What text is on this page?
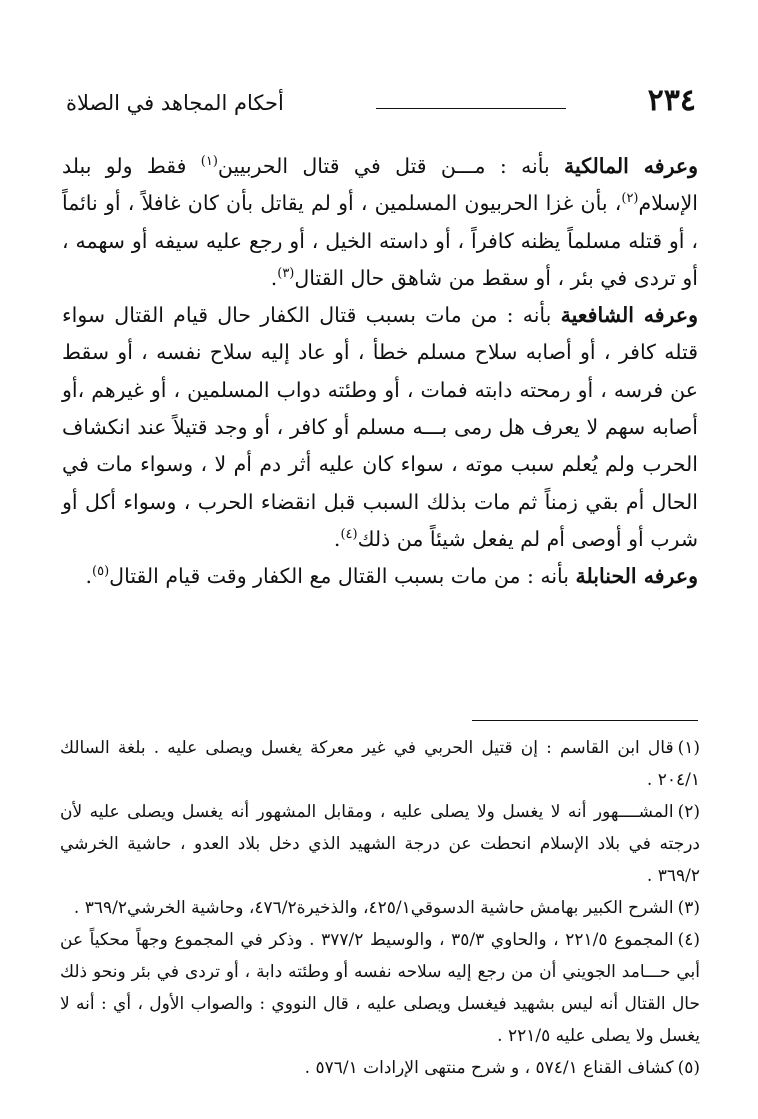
٢٣٤
أحكام المجاهد في الصلاة

وعرفه المالكية بأنه : مـــن قتل في قتال الحربيين$^{(١)}$ فقط ولو ببلد الإسلام$^{(٢)}$، بأن غزا الحربيون المسلمين ، أو لم يقاتل بأن كان غافلاً ، أو نائماً ، أو قتله مسلماً يظنه كافراً ، أو داسته الخيل ، أو رجع عليه سيفه أو سهمه ، أو تردى في بئر ، أو سقط من شاهق حال القتال$^{(٣)}$.

وعرفه الشافعية بأنه : من مات بسبب قتال الكفار حال قيام القتال سواء قتله كافر ، أو أصابه سلاح مسلم خطأ ، أو عاد إليه سلاح نفسه ، أو سقط عن فرسه ، أو رمحته دابته فمات ، أو وطئته دواب المسلمين ، أو غيرهم ،أو أصابه سهم لا يعرف هل رمى بـــه مسلم أو كافر ، أو وجد قتيلاً عند انكشاف الحرب ولم يُعلم سبب موته ، سواء كان عليه أثر دم أم لا ، وسواء مات في الحال أم بقي زمناً ثم مات بذلك السبب قبل انقضاء الحرب ، وسواء أكل أو شرب أو أوصى أم لم يفعل شيئاً من ذلك$^{(٤)}$.

وعرفه الحنابلة بأنه : من مات بسبب القتال مع الكفار وقت قيام القتال$^{(٥)}$.

(١)قال ابن القاسم : إن قتيل الحربي في غير معركة يغسل ويصلى عليه . بلغة السالك ٢٠٤/١ .

(٢)المشــــهور أنه لا يغسل ولا يصلى عليه ، ومقابل المشهور أنه يغسل ويصلى عليه لأن درجته في بلاد الإسلام انحطت عن درجة الشهيد الذي دخل بلاد العدو ، حاشية الخرشي ٣٦٩/٢ .

(٣)الشرح الكبير بهامش حاشية الدسوقي٤٢٥/١، والذخيرة٤٧٦/٢، وحاشية الخرشي٣٦٩/٢ .

(٤)المجموع ٢٢١/٥ ، والحاوي ٣٥/٣ ، والوسيط ٣٧٧/٢ . وذكر في المجموع وجهاً محكياً عن أبي حـــامد الجويني أن من رجع إليه سلاحه نفسه أو وطئته دابة ، أو تردى في بئر ونحو ذلك حال القتال أنه ليس بشهيد فيغسل ويصلى عليه ، قال النووي : والصواب الأول ، أي : أنه لا يغسل ولا يصلى عليه ٢٢١/٥ .

(٥)كشاف القناع ٥٧٤/١ ، و شرح منتهى الإرادات ٥٧٦/١ .
